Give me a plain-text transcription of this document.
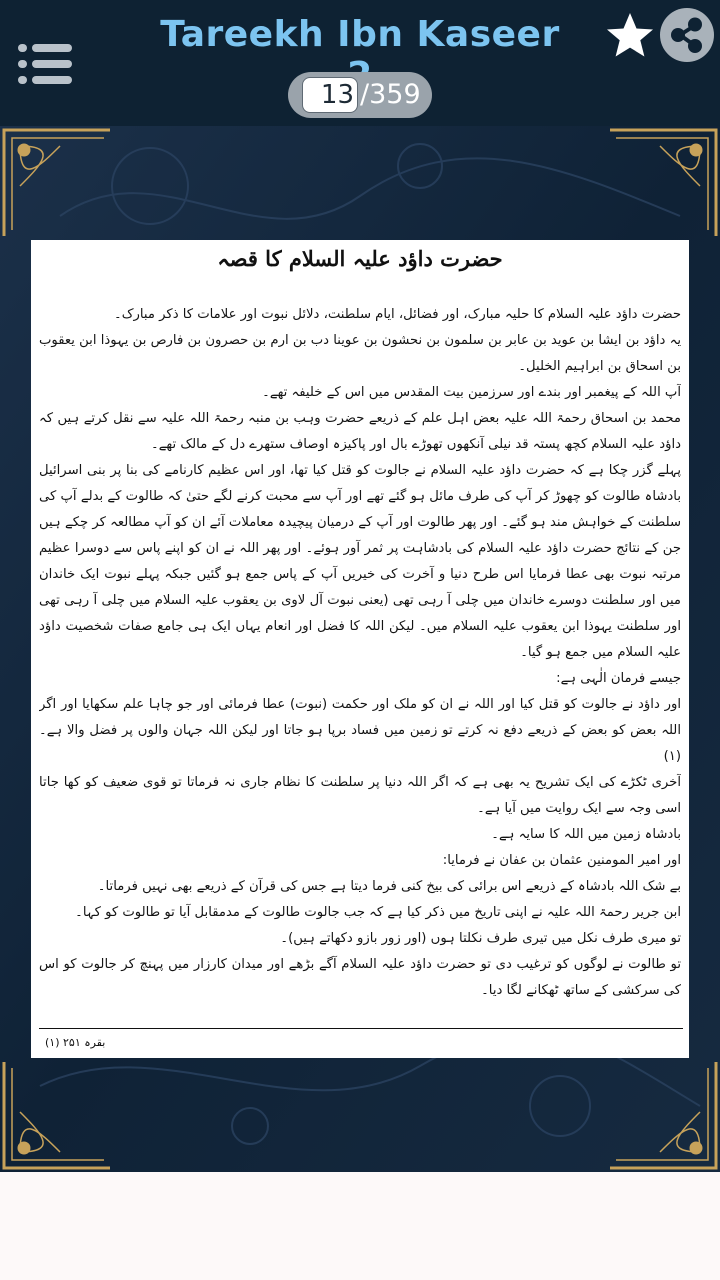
Tareekh Ibn Kaseer
13 /359
حضرت داؤد علیہ السلام کا قصہ

حضرت داؤد علیہ السلام کا حلیہ مبارک، اور فضائل، ایام سلطنت، دلائل نبوت اور علامات کا ذکر مبارک۔

یہ داؤد بن ایشا بن عوید بن عابر بن سلمون بن نحشون بن عوینا دب بن ارم بن حصرون بن فارص بن یہوذا ابن یعقوب بن اسحاق بن ابراہیم الخلیل۔

آپ اللہ کے پیغمبر اور بندے اور سرزمین بیت المقدس میں اس کے خلیفہ تھے۔

محمد بن اسحاق رحمۃ اللہ علیہ بعض اہل علم کے ذریعے حضرت وہب بن منبہ رحمۃ اللہ علیہ سے نقل کرتے ہیں کہ داؤد علیہ السلام کچھ پستہ قد نیلی آنکھوں تھوڑے بال اور پاکیزہ اوصاف ستھرے دل کے مالک تھے۔

پہلے گزر چکا ہے کہ حضرت داؤد علیہ السلام نے جالوت کو قتل کیا تھا، اور اس عظیم کارنامے کی بنا پر بنی اسرائیل بادشاہ طالوت کو چھوڑ کر آپ کی طرف مائل ہو گئے تھے اور آپ سے محبت کرنے لگے حتیٰ کہ طالوت کے بدلے آپ کی سلطنت کے خواہش مند ہو گئے۔ اور پھر طالوت اور آپ کے درمیان پیچیدہ معاملات آئے ان کو آپ مطالعہ کر چکے ہیں جن کے نتائج حضرت داؤد علیہ السلام کی بادشاہت پر ثمر آور ہوئے۔ اور پھر اللہ نے ان کو اپنے پاس سے دوسرا عظیم مرتبہ نبوت بھی عطا فرمایا اس طرح دنیا و آخرت کی خیریں آپ کے پاس جمع ہو گئیں جبکہ پہلے نبوت ایک خاندان میں اور سلطنت دوسرے خاندان میں چلی آ رہی تھی (یعنی نبوت آل لاوی بن یعقوب علیہ السلام میں چلی آ رہی تھی اور سلطنت یہوذا ابن یعقوب علیہ السلام میں۔ لیکن اللہ کا فضل اور انعام یہاں ایک ہی جامع صفات شخصیت داؤد علیہ السلام میں جمع ہو گیا۔

جیسے فرمان الٰہی ہے:

اور داؤد نے جالوت کو قتل کیا اور اللہ نے ان کو ملک اور حکمت (نبوت) عطا فرمائی اور جو چاہا علم سکھایا اور اگر اللہ بعض کو بعض کے ذریعے دفع نہ کرتے تو زمین میں فساد برپا ہو جاتا اور لیکن اللہ جہان والوں پر فضل والا ہے۔ (۱)

آخری ٹکڑے کی ایک تشریح یہ بھی ہے کہ اگر اللہ دنیا پر سلطنت کا نظام جاری نہ فرماتا تو قوی ضعیف کو کھا جاتا اسی وجہ سے ایک روایت میں آیا ہے۔

بادشاہ زمین میں اللہ کا سایہ ہے۔

اور امیر المومنین عثمان بن عفان نے فرمایا:

بے شک اللہ بادشاہ کے ذریعے اس برائی کی بیخ کنی فرما دیتا ہے جس کی قرآن کے ذریعے بھی نہیں فرماتا۔

ابن جریر رحمۃ اللہ علیہ نے اپنی تاریخ میں ذکر کیا ہے کہ جب جالوت طالوت کے مدمقابل آیا تو طالوت کو کہا۔

تو میری طرف نکل میں تیری طرف نکلتا ہوں (اور زور بازو دکھاتے ہیں)۔

تو طالوت نے لوگوں کو ترغیب دی تو حضرت داؤد علیہ السلام آگے بڑھے اور میدان کارزار میں پہنچ کر جالوت کو اس کی سرکشی کے ساتھ ٹھکانے لگا دیا۔

(۱) بقرہ ۲۵۱
